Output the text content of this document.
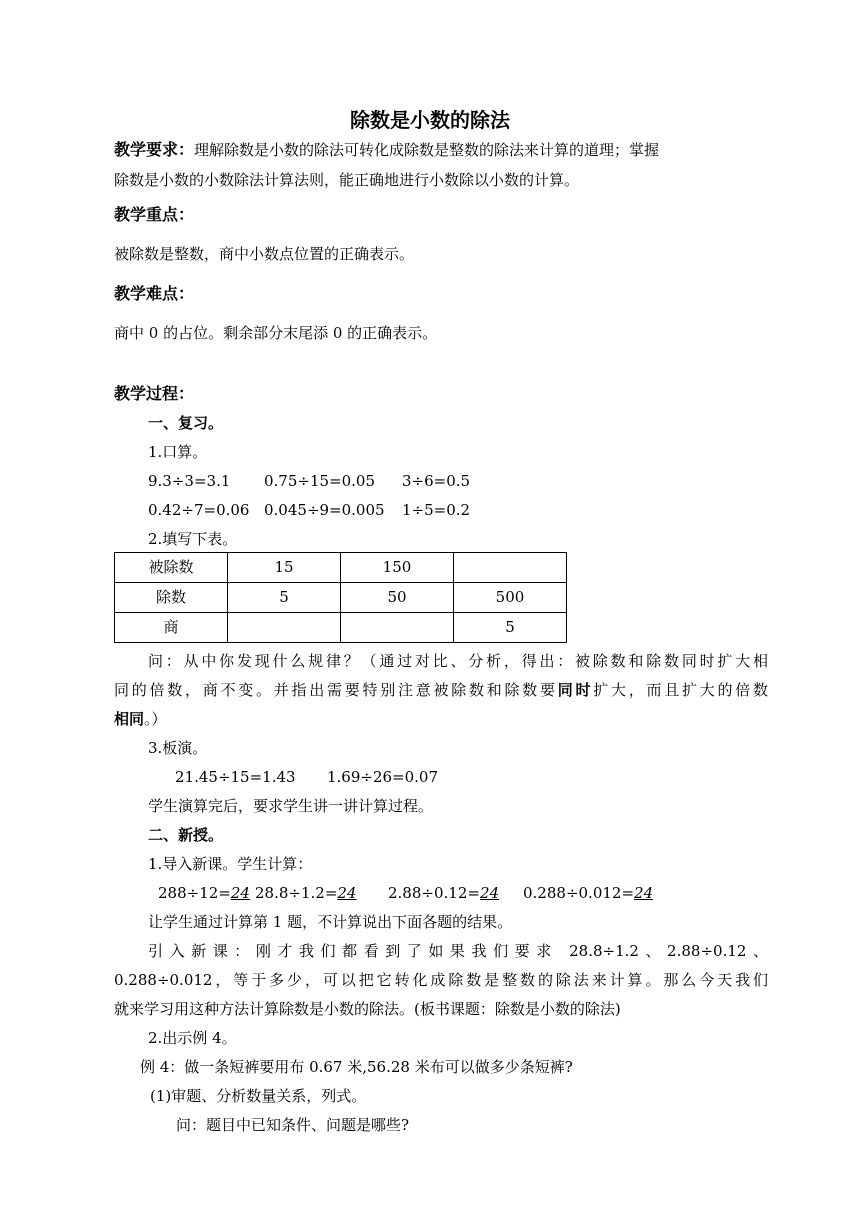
除数是小数的除法
教学要求：理解除数是小数的除法可转化成除数是整数的除法来计算的道理；掌握
除数是小数的小数除法计算法则，能正确地进行小数除以小数的计算。
教学重点：
被除数是整数，商中小数点位置的正确表示。
教学难点：
商中 0 的占位。剩余部分末尾添 0 的正确表示。
教学过程：
一、复习。
1.口算。
9.3÷3=3.1 0.75÷15=0.05 3÷6=0.5
0.42÷7=0.06 0.045÷9=0.005 1÷5=0.2
2.填写下表。
被除数	15	150	
除数	5	50	500
商			5
问：从中你发现什么规律？（通过对比、分析，得出：被除数和除数同时扩大相
同的倍数，商不变。并指出需要特别注意被除数和除数要同时扩大，而且扩大的倍数
相同。）
3.板演。
21.45÷15=1.43 1.69÷26=0.07
学生演算完后，要求学生讲一讲计算过程。
二、新授。
1.导入新课。学生计算：
288÷12=24 28.8÷1.2=24 2.88÷0.12=24 0.288÷0.012=24
让学生通过计算第 1 题，不计算说出下面各题的结果。
引入新课：刚才我们都看到了如果我们要求 28.8÷1.2、2.88÷0.12、
0.288÷0.012，等于多少，可以把它转化成除数是整数的除法来计算。那么今天我们
就来学习用这种方法计算除数是小数的除法。(板书课题：除数是小数的除法)
2.出示例 4。
例 4：做一条短裤要用布 0.67 米,56.28 米布可以做多少条短裤?
(1)审题、分析数量关系，列式。
问：题目中已知条件、问题是哪些?
